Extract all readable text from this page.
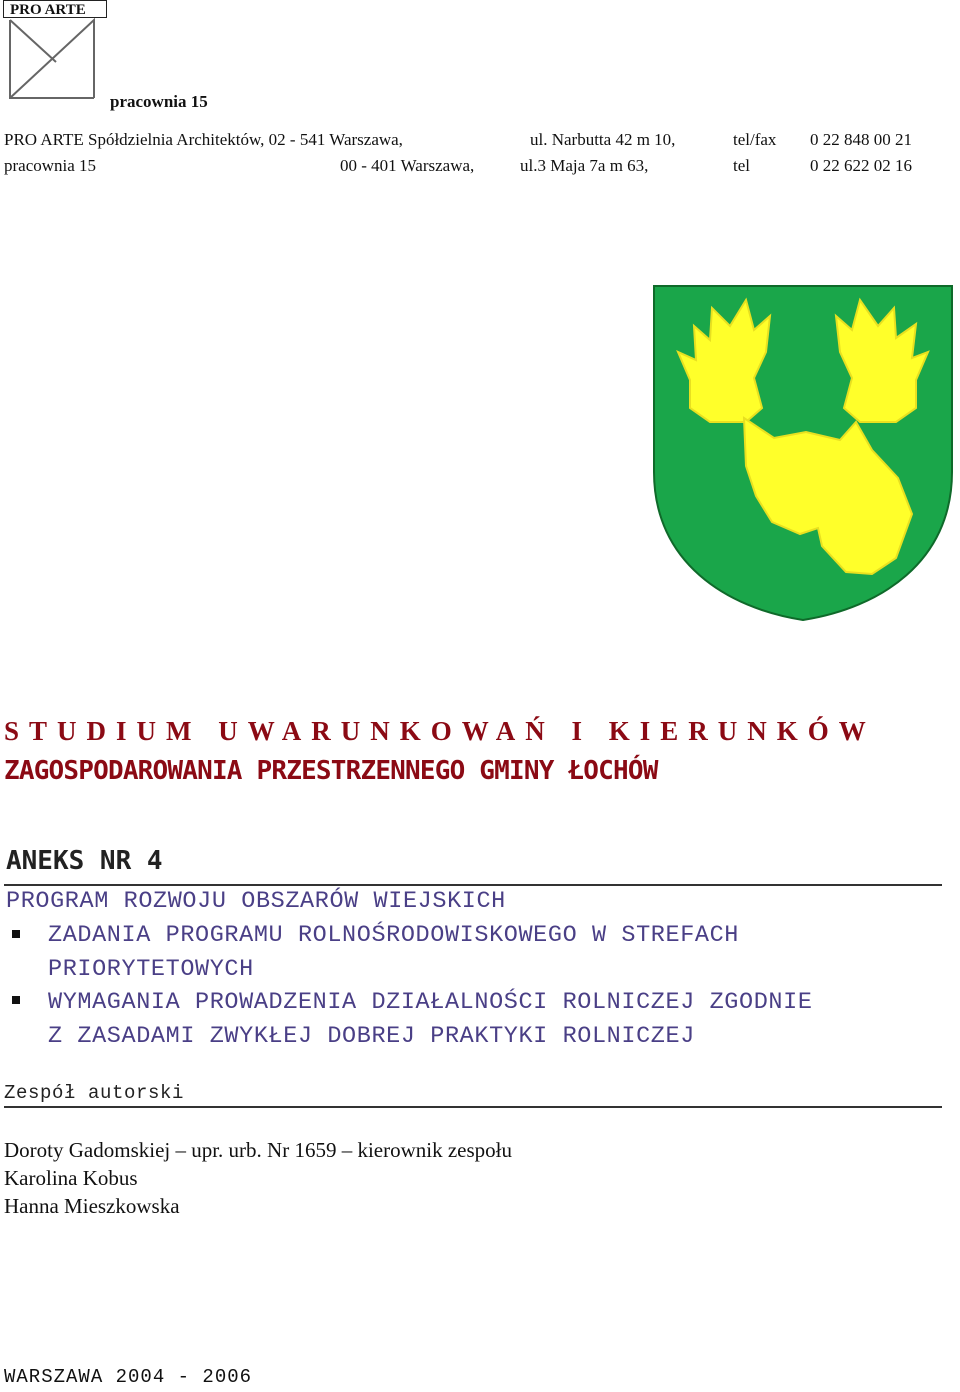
PRO ARTE
pracownia 15
PRO ARTE Spółdzielnia Architektów, 02 - 541 Warszawa,	ul. Narbutta 42 m 10,	tel/fax 0 22 848 00 21
pracownia 15	00 - 401 Warszawa,	ul.3 Maja 7a m 63,	tel	0 22 622 02 16
STUDIUM UWARUNKOWAŃ I KIERUNKÓW
ZAGOSPODAROWANIA PRZESTRZENNEGO GMINY ŁOCHÓW
ANEKS NR 4
PROGRAM ROZWOJU OBSZARÓW WIEJSKICH
ZADANIA PROGRAMU ROLNOŚRODOWISKOWEGO W STREFACH
PRIORYTETOWYCH
WYMAGANIA PROWADZENIA DZIAŁALNOŚCI ROLNICZEJ ZGODNIE
Z ZASADAMI ZWYKŁEJ DOBREJ PRAKTYKI ROLNICZEJ
Zespół autorski
Doroty Gadomskiej – upr. urb. Nr 1659 – kierownik zespołu
Karolina Kobus
Hanna Mieszkowska
WARSZAWA 2004 - 2006
